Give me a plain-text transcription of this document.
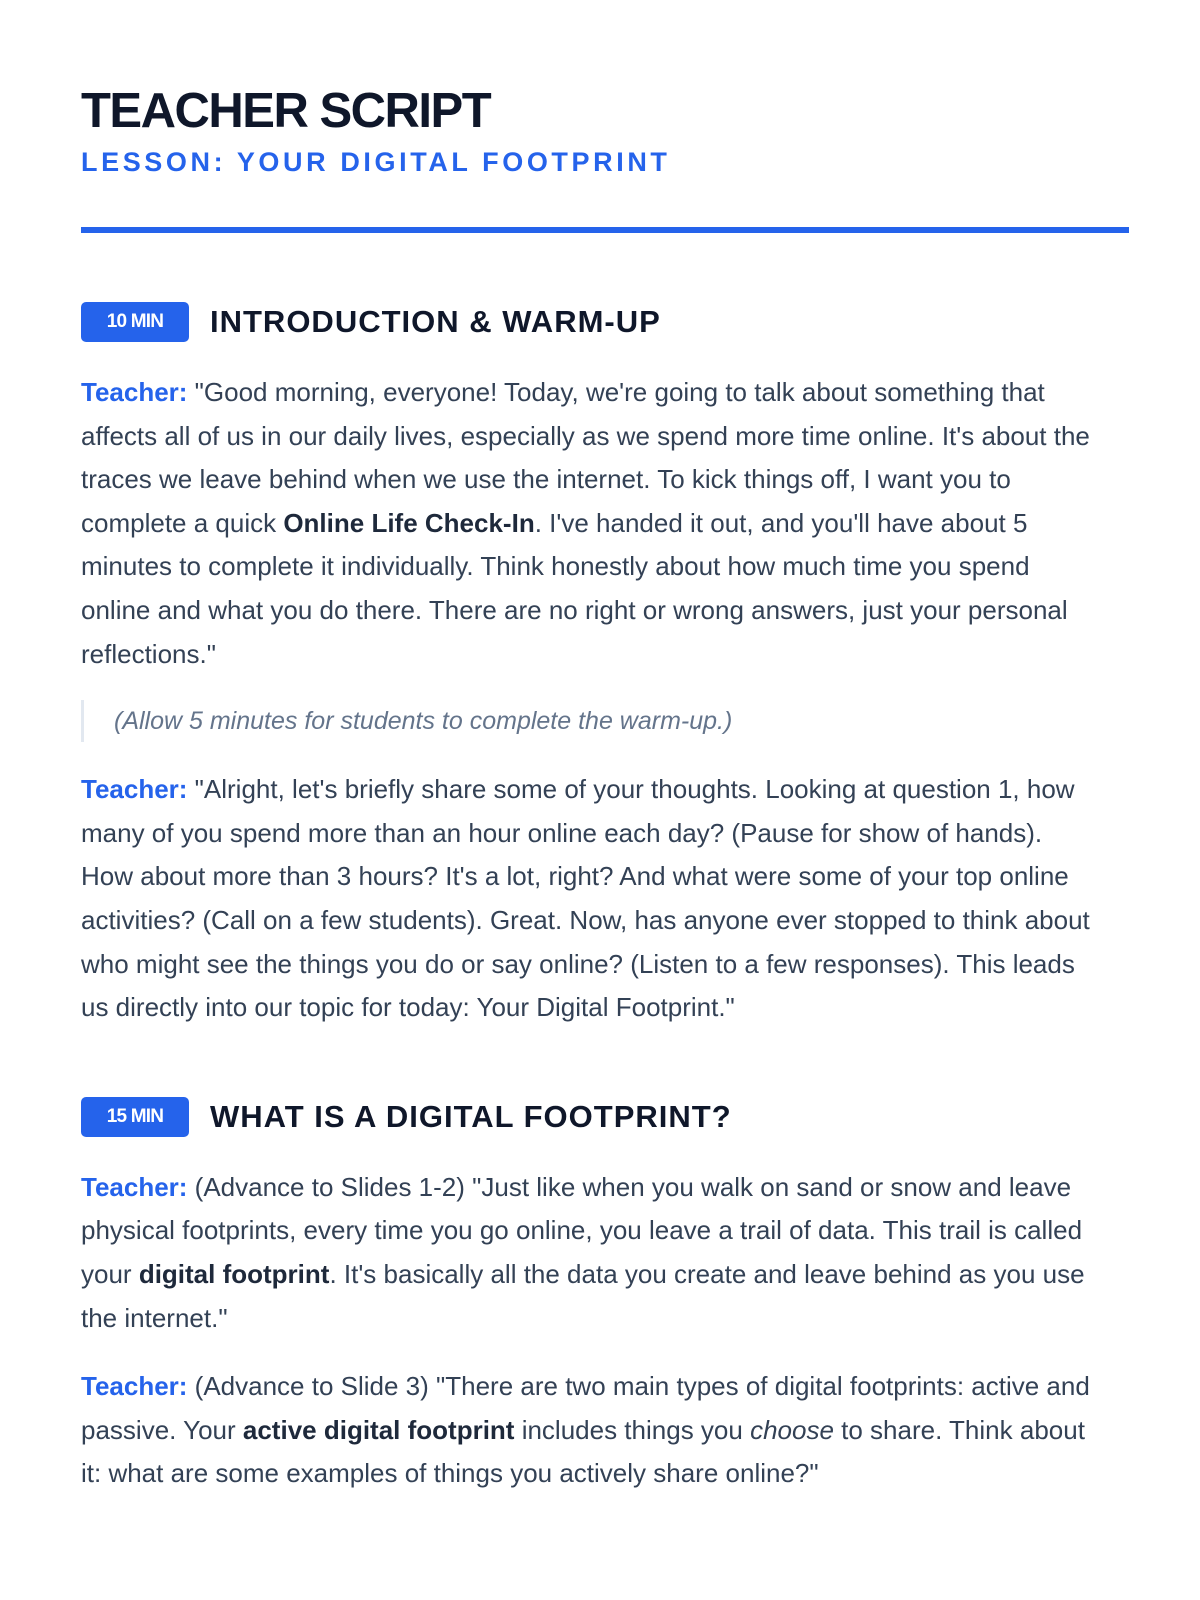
TEACHER SCRIPT
LESSON: YOUR DIGITAL FOOTPRINT
10 MIN	INTRODUCTION & WARM-UP

Teacher: "Good morning, everyone! Today, we're going to talk about something that affects all of us in our daily lives, especially as we spend more time online. It's about the traces we leave behind when we use the internet. To kick things off, I want you to complete a quick Online Life Check-In. I've handed it out, and you'll have about 5 minutes to complete it individually. Think honestly about how much time you spend online and what you do there. There are no right or wrong answers, just your personal reflections."

(Allow 5 minutes for students to complete the warm-up.)

Teacher: "Alright, let's briefly share some of your thoughts. Looking at question 1, how many of you spend more than an hour online each day? (Pause for show of hands). How about more than 3 hours? It's a lot, right? And what were some of your top online activities? (Call on a few students). Great. Now, has anyone ever stopped to think about who might see the things you do or say online? (Listen to a few responses). This leads us directly into our topic for today: Your Digital Footprint."

15 MIN	WHAT IS A DIGITAL FOOTPRINT?

Teacher: (Advance to Slides 1-2) "Just like when you walk on sand or snow and leave physical footprints, every time you go online, you leave a trail of data. This trail is called your digital footprint. It's basically all the data you create and leave behind as you use the internet."

Teacher: (Advance to Slide 3) "There are two main types of digital footprints: active and passive. Your active digital footprint includes things you choose to share. Think about it: what are some examples of things you actively share online?"
